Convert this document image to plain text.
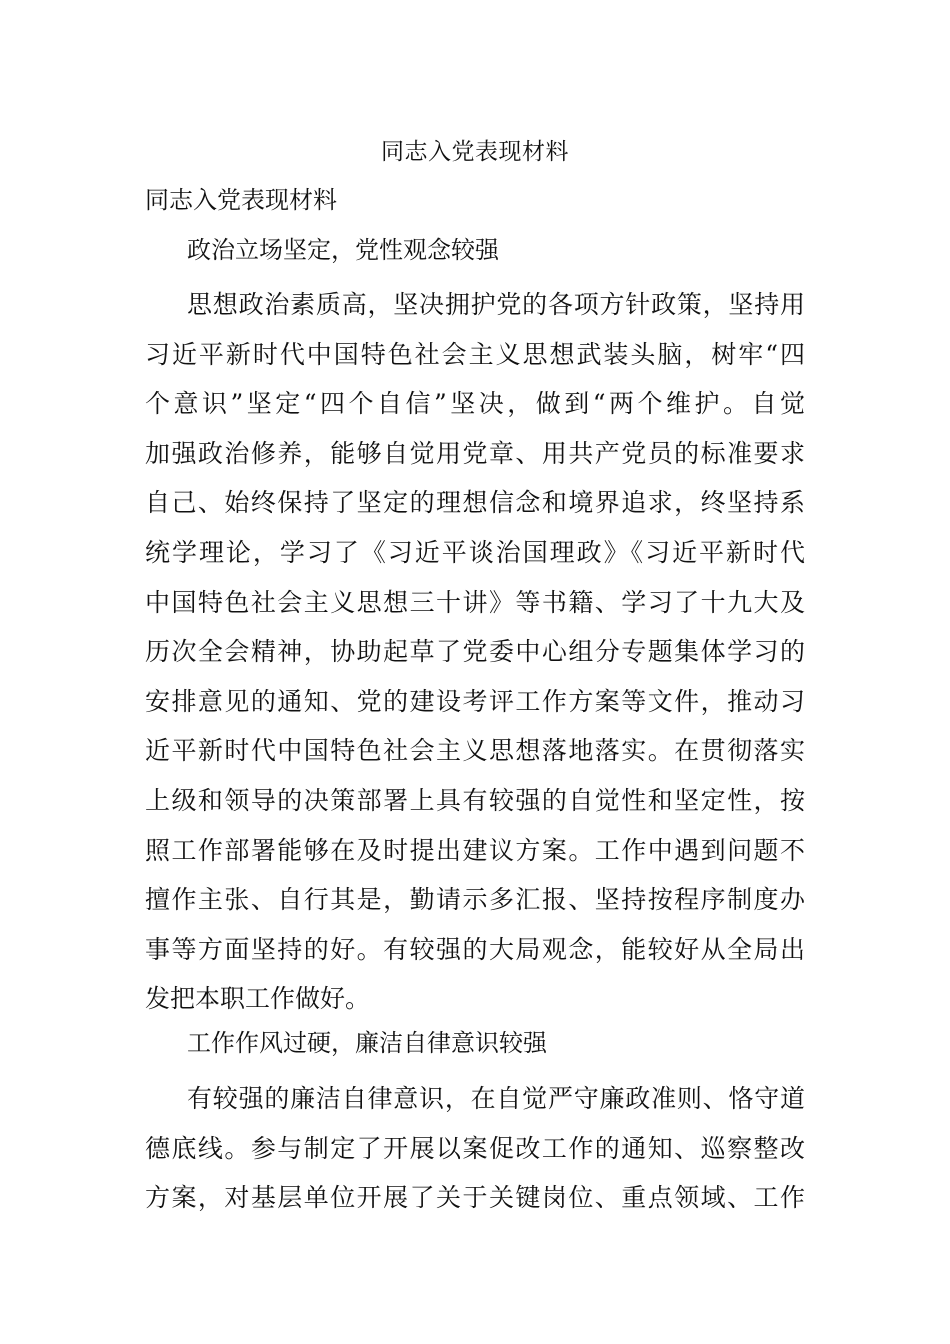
同志入党表现材料
同志入党表现材料
政治立场坚定，党性观念较强
思想政治素质高，坚决拥护党的各项方针政策，坚持用
习近平新时代中国特色社会主义思想武装头脑，树牢“四
个意识”坚定“四个自信”坚决，做到“两个维护。自觉
加强政治修养，能够自觉用党章、用共产党员的标准要求
自己、始终保持了坚定的理想信念和境界追求，终坚持系
统学理论，学习了《习近平谈治国理政》《习近平新时代
中国特色社会主义思想三十讲》等书籍、学习了十九大及
历次全会精神，协助起草了党委中心组分专题集体学习的
安排意见的通知、党的建设考评工作方案等文件，推动习
近平新时代中国特色社会主义思想落地落实。在贯彻落实
上级和领导的决策部署上具有较强的自觉性和坚定性，按
照工作部署能够在及时提出建议方案。工作中遇到问题不
擅作主张、自行其是，勤请示多汇报、坚持按程序制度办
事等方面坚持的好。有较强的大局观念，能较好从全局出
发把本职工作做好。
工作作风过硬，廉洁自律意识较强
有较强的廉洁自律意识，在自觉严守廉政准则、恪守道
德底线。参与制定了开展以案促改工作的通知、巡察整改
方案，对基层单位开展了关于关键岗位、重点领域、工作
